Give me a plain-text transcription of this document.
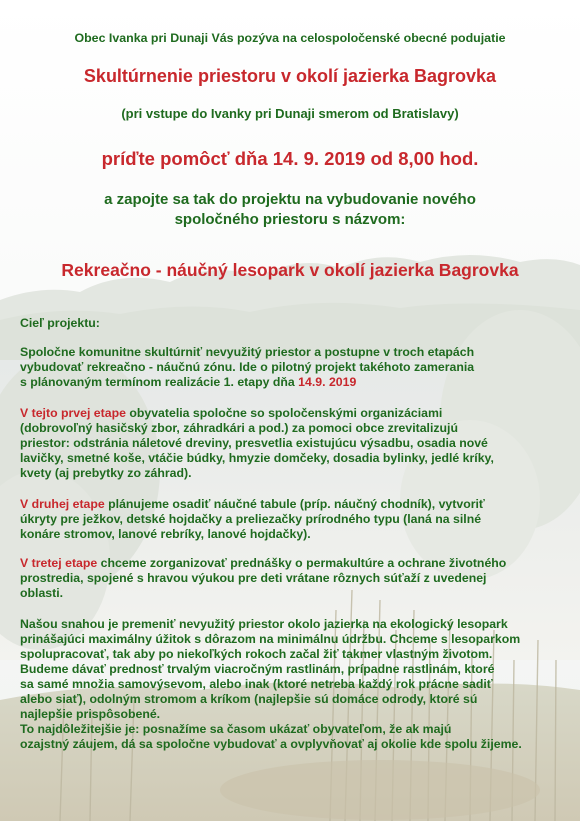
Obec Ivanka pri Dunaji Vás pozýva na celospoločenské obecné podujatie
Skultúrnenie priestoru v okolí jazierka Bagrovka
(pri vstupe do Ivanky pri Dunaji smerom od Bratislavy)
príďte pomôcť dňa 14. 9. 2019 od 8,00 hod.
a zapojte sa tak do projektu na vybudovanie nového
spoločného priestoru s názvom:
Rekreačno - náučný lesopark v okolí jazierka Bagrovka
Cieľ projektu:
Spoločne komunitne skultúrniť nevyužitý priestor a postupne v troch etapách
vybudovať rekreačno - náučnú zónu. Ide o pilotný projekt takéhoto zamerania
s plánovaným termínom realizácie 1. etapy dňa 14.9. 2019
V tejto prvej etape obyvatelia spoločne so spoločenskými organizáciami
(dobrovoľný hasičský zbor, záhradkári a pod.) za pomoci obce zrevitalizujú
priestor: odstránia náletové dreviny, presvetlia existujúcu výsadbu, osadia nové
lavičky, smetné koše, vtáčie búdky, hmyzie domčeky, dosadia bylinky, jedlé kríky,
kvety (aj prebytky zo záhrad).
V druhej etape plánujeme osadiť náučné tabule (príp. náučný chodník), vytvoriť
úkryty pre ježkov, detské hojdačky a preliezačky prírodného typu (laná na silné
konáre stromov, lanové rebríky, lanové hojdačky).
V tretej etape chceme zorganizovať prednášky o permakultúre a ochrane životného
prostredia, spojené s hravou výukou pre deti vrátane rôznych súťaží z uvedenej
oblasti.
Našou snahou je premeniť nevyužitý priestor okolo jazierka na ekologický lesopark
prinášajúci maximálny úžitok s dôrazom na minimálnu údržbu. Chceme s lesoparkom
spolupracovať, tak aby po niekoľkých rokoch začal žiť takmer vlastným životom.
Budeme dávať prednosť trvalým viacročným rastlinám, prípadne rastlinám, ktoré
sa samé množia samovýsevom, alebo inak (ktoré netreba každý rok prácne sadiť
alebo siať), odolným stromom a kríkom (najlepšie sú domáce odrody, ktoré sú
najlepšie prispôsobené.
To najdôležitejšie je: posnažíme sa časom ukázať obyvateľom, že ak majú
ozajstný záujem, dá sa spoločne vybudovať a ovplyvňovať aj okolie kde spolu žijeme.
